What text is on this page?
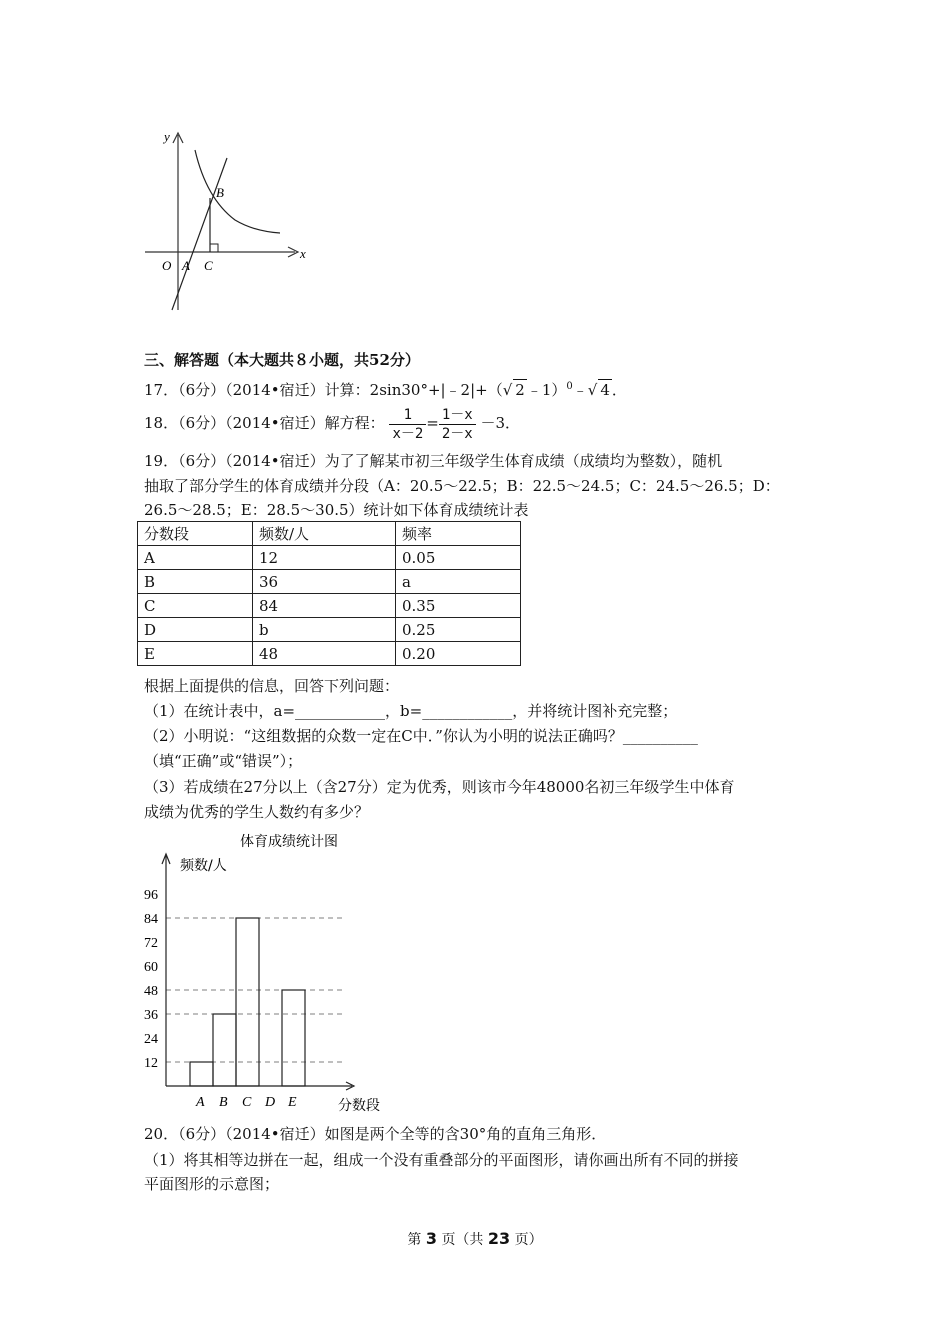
y
x
O A C
B
三、解答题（本大题共８小题，共52分）
17．（6分）（2014•宿迁）计算：2sin30°+|﹣2|+（√ 2 ﹣1）$^0$﹣√ 4 ．
18．（6分）（2014•宿迁）解方程： $\frac{1}{x-2} = \frac{1-x}{2-x} -3$．
19．（6分）（2014•宿迁）为了了解某市初三年级学生体育成绩（成绩均为整数），随机
抽取了部分学生的体育成绩并分段（A：20.5～22.5；B：22.5～24.5；C：24.5～26.5；D：
26.5～28.5；E：28.5～30.5）统计如下体育成绩统计表
分数段	频数/人	频率
A	12	0.05
B	36	a
C	84	0.35
D	b	0.25
E	48	0.20
根据上面提供的信息，回答下列问题：
（1）在统计表中，a=____________，b=____________，并将统计图补充完整；
（2）小明说：“这组数据的众数一定在C中．”你认为小明的说法正确吗？__________
（填“正确”或“错误”）；
（3）若成绩在27分以上（含27分）定为优秀，则该市今年48000名初三年级学生中体育
成绩为优秀的学生人数约有多少？
体育成绩统计图
频数/人
分数段
12
24
36
48
60
72
84
96
A B C D E
20．（6分）（2014•宿迁）如图是两个全等的含30°角的直角三角形．
（1）将其相等边拼在一起，组成一个没有重叠部分的平面图形，请你画出所有不同的拼接
平面图形的示意图；
第 3 页（共 23 页）
